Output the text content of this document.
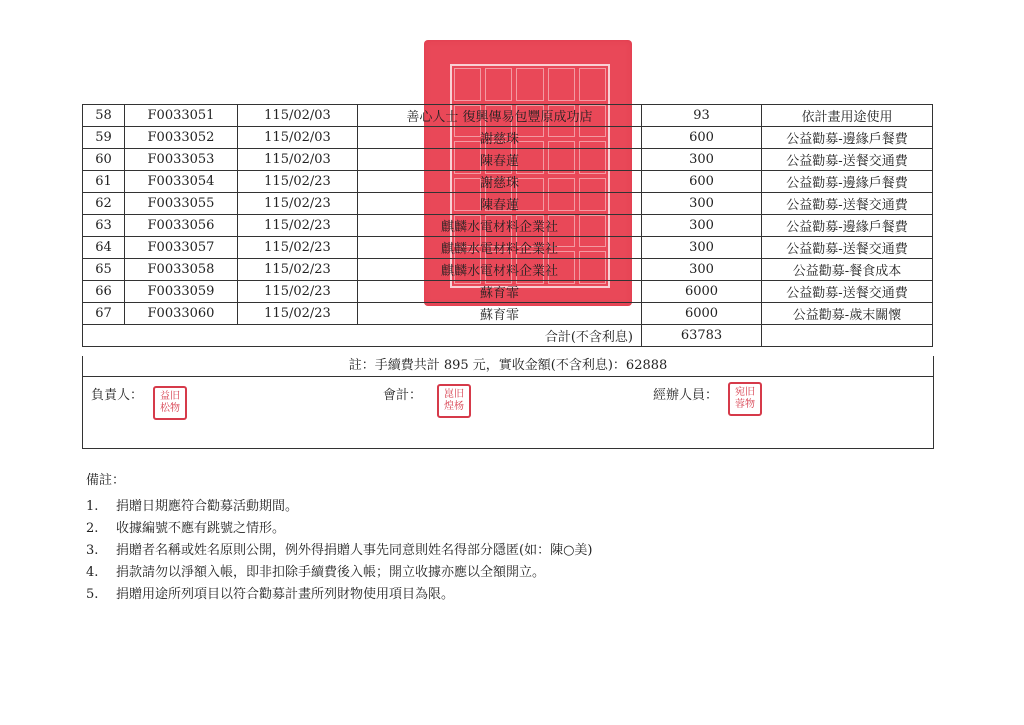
58	F0033051	115/02/03	善心人士 復興傳易包豐原成功店	93	依計畫用途使用
59	F0033052	115/02/03	謝慈珠	600	公益勸募-邊緣戶餐費
60	F0033053	115/02/03	陳春蓮	300	公益勸募-送餐交通費
61	F0033054	115/02/23	謝慈珠	600	公益勸募-邊緣戶餐費
62	F0033055	115/02/23	陳春蓮	300	公益勸募-送餐交通費
63	F0033056	115/02/23	麒麟水電材料企業社	300	公益勸募-邊緣戶餐費
64	F0033057	115/02/23	麒麟水電材料企業社	300	公益勸募-送餐交通費
65	F0033058	115/02/23	麒麟水電材料企業社	300	公益勸募-餐食成本
66	F0033059	115/02/23	蘇育霏	6000	公益勸募-送餐交通費
67	F0033060	115/02/23	蘇育霏	6000	公益勸募-歲末關懷
合計(不含利息)				63783	
註：手續費共計 895 元，實收金額(不含利息)：62888
負責人：	益旧松物
會計：	崑旧煌杨
經辦人員：	宛旧蓉物
備註：
1.	捐贈日期應符合勸募活動期間。
2.	收據編號不應有跳號之情形。
3.	捐贈者名稱或姓名原則公開，例外得捐贈人事先同意則姓名得部分隱匿(如：陳○美)
4.	捐款請勿以淨額入帳，即非扣除手續費後入帳；開立收據亦應以全額開立。
5.	捐贈用途所列項目以符合勸募計畫所列財物使用項目為限。
